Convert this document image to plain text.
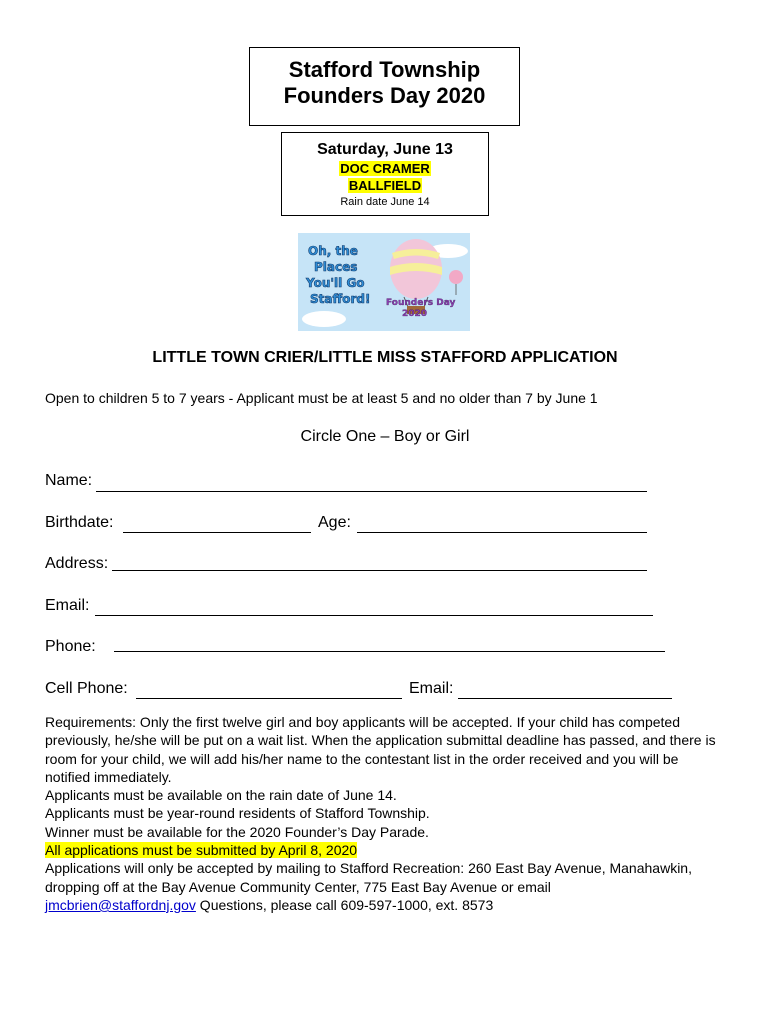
Stafford Township
Founders Day 2020
Saturday, June 13
DOC CRAMER
BALLFIELD
Rain date June 14
Oh, the
Places
You'll Go
Stafford! Founders Day
2020
LITTLE TOWN CRIER/LITTLE MISS STAFFORD APPLICATION
Open to children 5 to 7 years - Applicant must be at least 5 and no older than 7 by June 1
Circle One – Boy or Girl
Name:
Birthdate:	Age:
Address:
Email:
Phone:
Cell Phone:	Email:

Requirements: Only the first twelve girl and boy applicants will be accepted. If your child has competed previously, he/she will be put on a wait list. When the application submittal deadline has passed, and there is room for your child, we will add his/her name to the contestant list in the order received and you will be notified immediately.

Applicants must be available on the rain date of June 14.

Applicants must be year-round residents of Stafford Township.

Winner must be available for the 2020 Founder’s Day Parade.

All applications must be submitted by April 8, 2020

Applications will only be accepted by mailing to Stafford Recreation: 260 East Bay Avenue, Manahawkin, dropping off at the Bay Avenue Community Center, 775 East Bay Avenue or email
jmcbrien@staffordnj.gov Questions, please call 609-597-1000, ext. 8573
